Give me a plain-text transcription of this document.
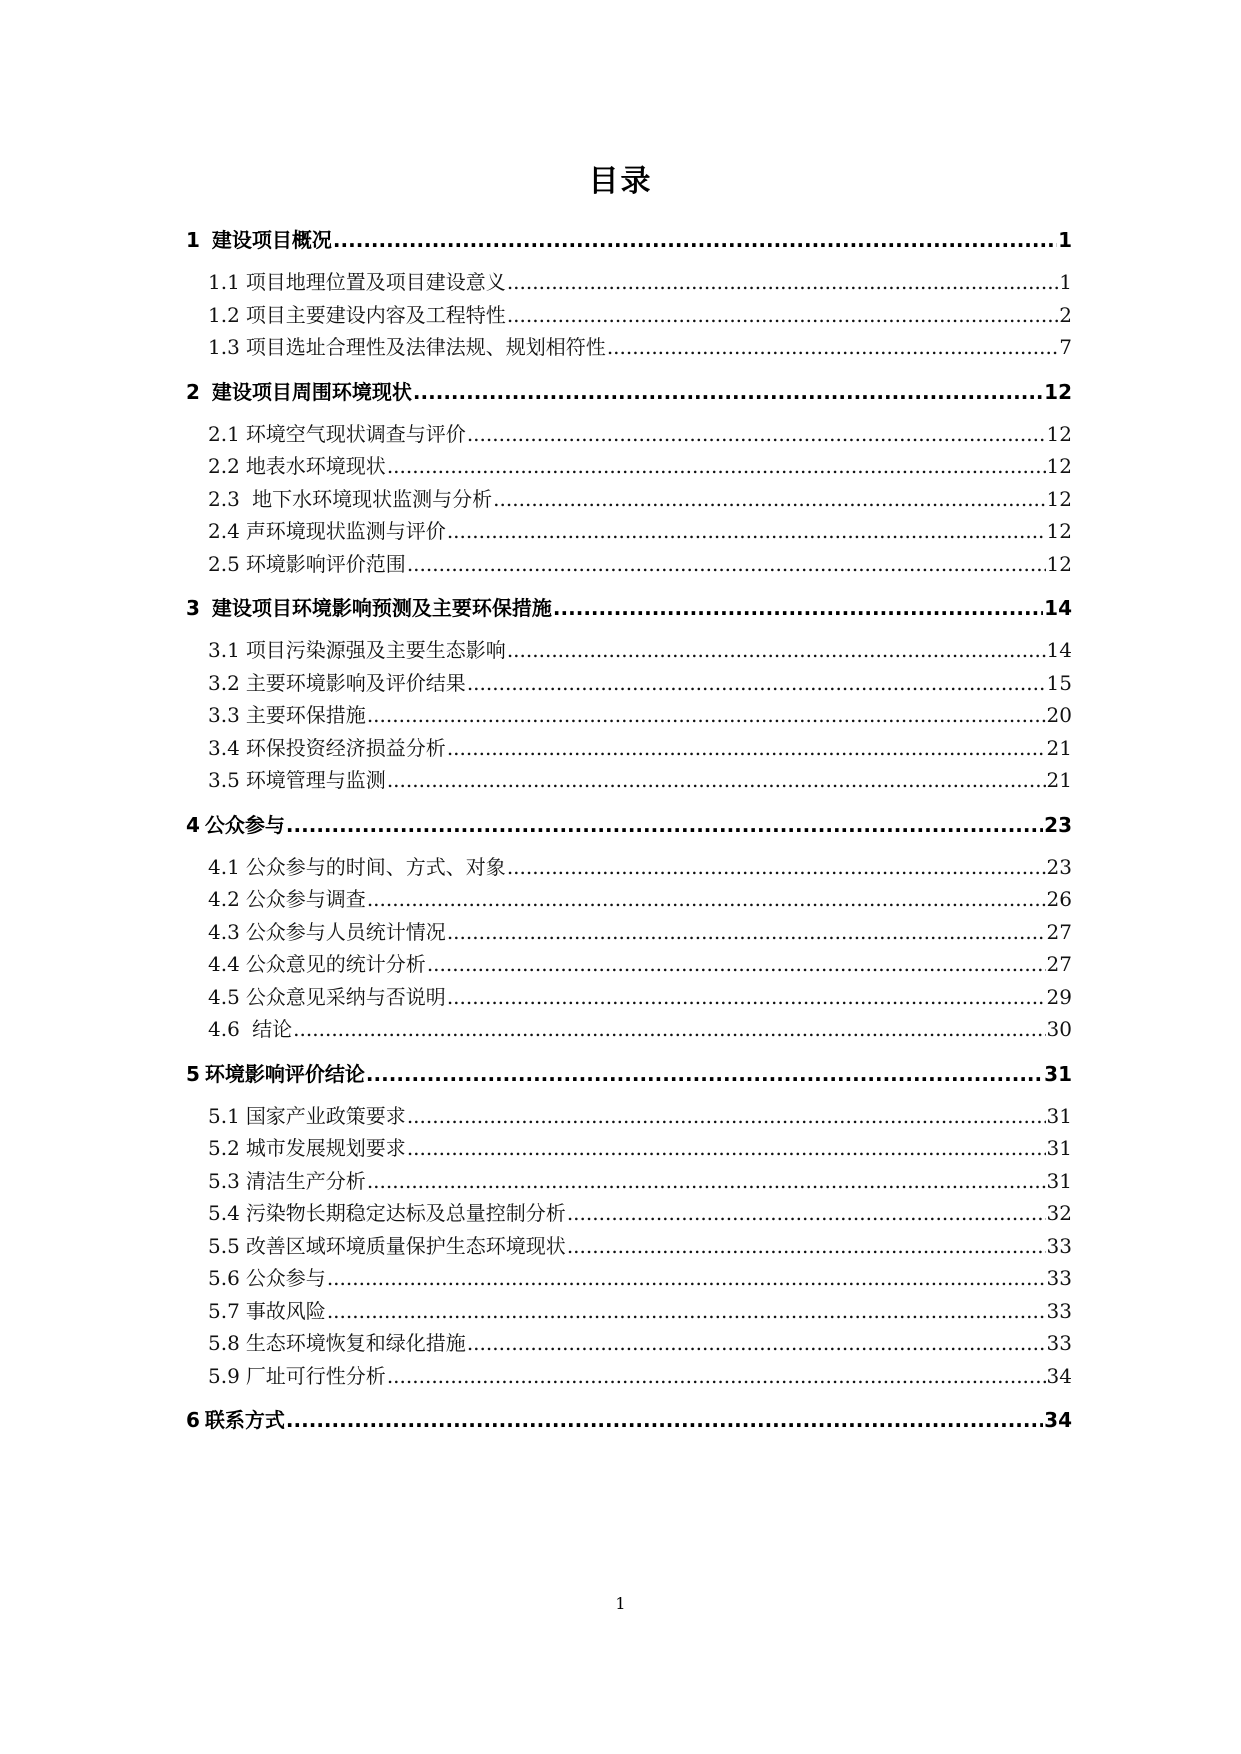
目录
1 建设项目概况 .....	1
1.1 项目地理位置及项目建设意义 .....	1
1.2 项目主要建设内容及工程特性 .....	2
1.3 项目选址合理性及法律法规、规划相符性 .....	7
2 建设项目周围环境现状 .....	12
2.1 环境空气现状调查与评价 .....	12
2.2 地表水环境现状 .....	12
2.3 地下水环境现状监测与分析 .....	12
2.4 声环境现状监测与评价 .....	12
2.5 环境影响评价范围 .....	12
3 建设项目环境影响预测及主要环保措施 .....	14
3.1 项目污染源强及主要生态影响 .....	14
3.2 主要环境影响及评价结果 .....	15
3.3 主要环保措施 .....	20
3.4 环保投资经济损益分析 .....	21
3.5 环境管理与监测 .....	21
4 公众参与 .....	23
4.1 公众参与的时间、方式、对象 .....	23
4.2 公众参与调查 .....	26
4.3 公众参与人员统计情况 .....	27
4.4 公众意见的统计分析 .....	27
4.5 公众意见采纳与否说明 .....	29
4.6 结论 .....	30
5 环境影响评价结论 .....	31
5.1 国家产业政策要求 .....	31
5.2 城市发展规划要求 .....	31
5.3 清洁生产分析 .....	31
5.4 污染物长期稳定达标及总量控制分析 .....	32
5.5 改善区域环境质量保护生态环境现状 .....	33
5.6 公众参与 .....	33
5.7 事故风险 .....	33
5.8 生态环境恢复和绿化措施 .....	33
5.9 厂址可行性分析 .....	34
6 联系方式 .....	34
1
